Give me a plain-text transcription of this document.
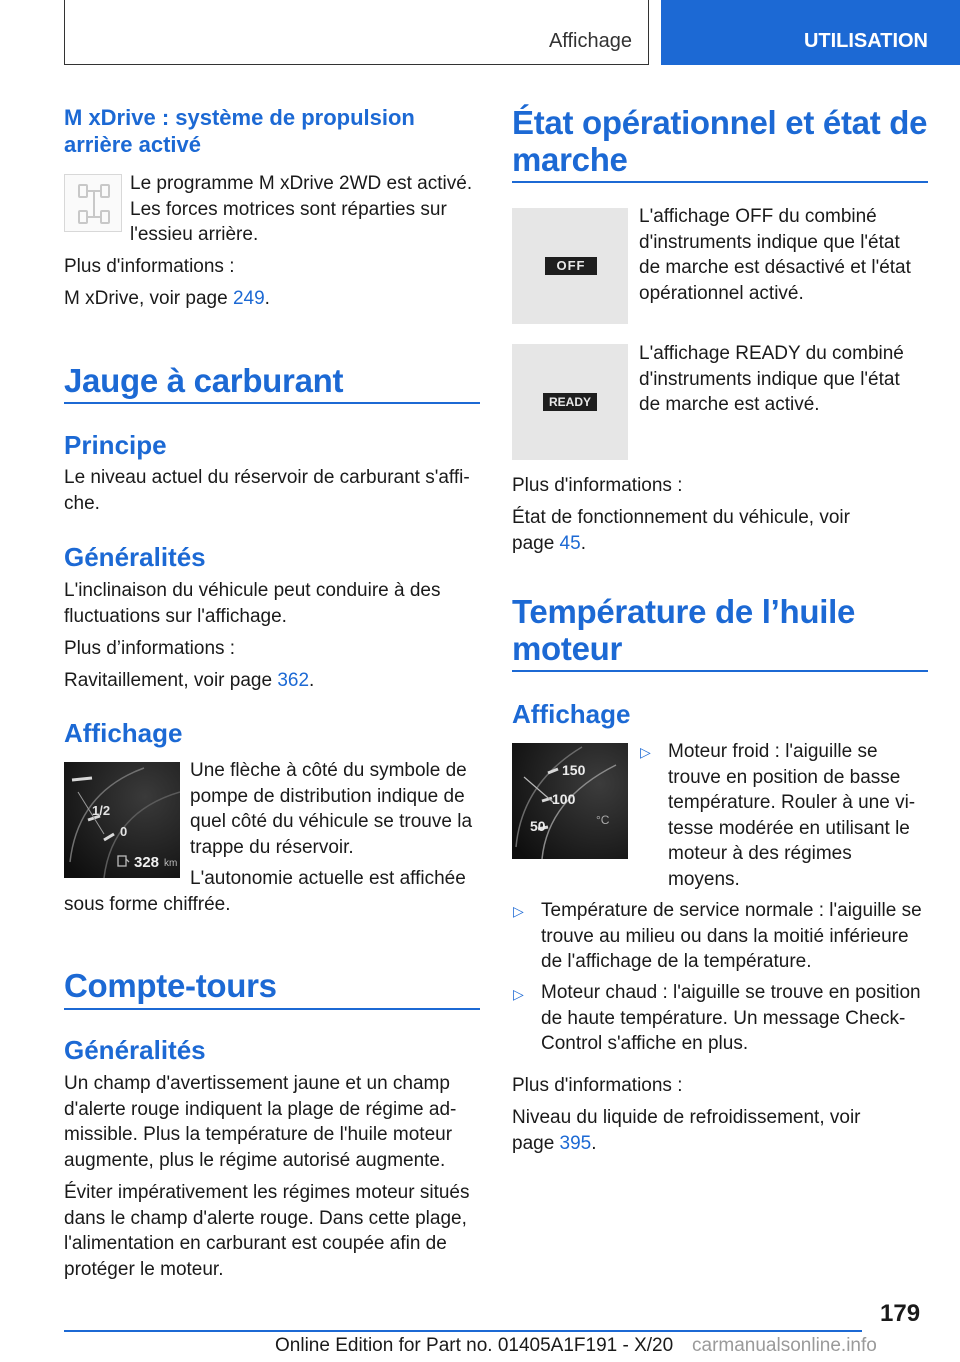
Affichage	UTILISATION
M xDrive : système de propulsion
arrière activé
Le programme M xDrive 2WD est activé.
Les forces motrices sont réparties sur
l'essieu arrière.
Plus d'informations :
M xDrive, voir page 249.
Jauge à carburant
Principe
Le niveau actuel du réservoir de carburant s'affi‐
che.
Généralités
L'inclinaison du véhicule peut conduire à des
fluctuations sur l'affichage.
Plus d’informations :
Ravitaillement, voir page 362.
Affichage
1/2
0
328 km
Une flèche à côté du symbole de
pompe de distribution indique de
quel côté du véhicule se trouve la
trappe du réservoir.
L'autonomie actuelle est affichée
sous forme chiffrée.
Compte-tours
Généralités
Un champ d'avertissement jaune et un champ
d'alerte rouge indiquent la plage de régime ad‐
missible. Plus la température de l'huile moteur
augmente, plus le régime autorisé augmente.
Éviter impérativement les régimes moteur situés
dans le champ d'alerte rouge. Dans cette plage,
l'alimentation en carburant est coupée afin de
protéger le moteur.
État opérationnel et état de
marche
OFF
L'affichage OFF du combiné
d'instruments indique que l'état
de marche est désactivé et l'état
opérationnel activé.
READY
L'affichage READY du combiné
d'instruments indique que l'état
de marche est activé.
Plus d'informations :
État de fonctionnement du véhicule, voir
page 45.
Température de l’huile
moteur
Affichage
150
100
50	°C
▷ Moteur froid : l'aiguille se
trouve en position de basse
température. Rouler à une vi‐
tesse modérée en utilisant le
moteur à des régimes
moyens.
▷ Température de service normale : l'aiguille se
trouve au milieu ou dans la moitié inférieure
de l'affichage de la température.
▷ Moteur chaud : l'aiguille se trouve en position
de haute température. Un message Check-
Control s'affiche en plus.
Plus d'informations :
Niveau du liquide de refroidissement, voir
page 395.
179
Online Edition for Part no. 01405A1F191 - X/20 carmanualsonline.info
